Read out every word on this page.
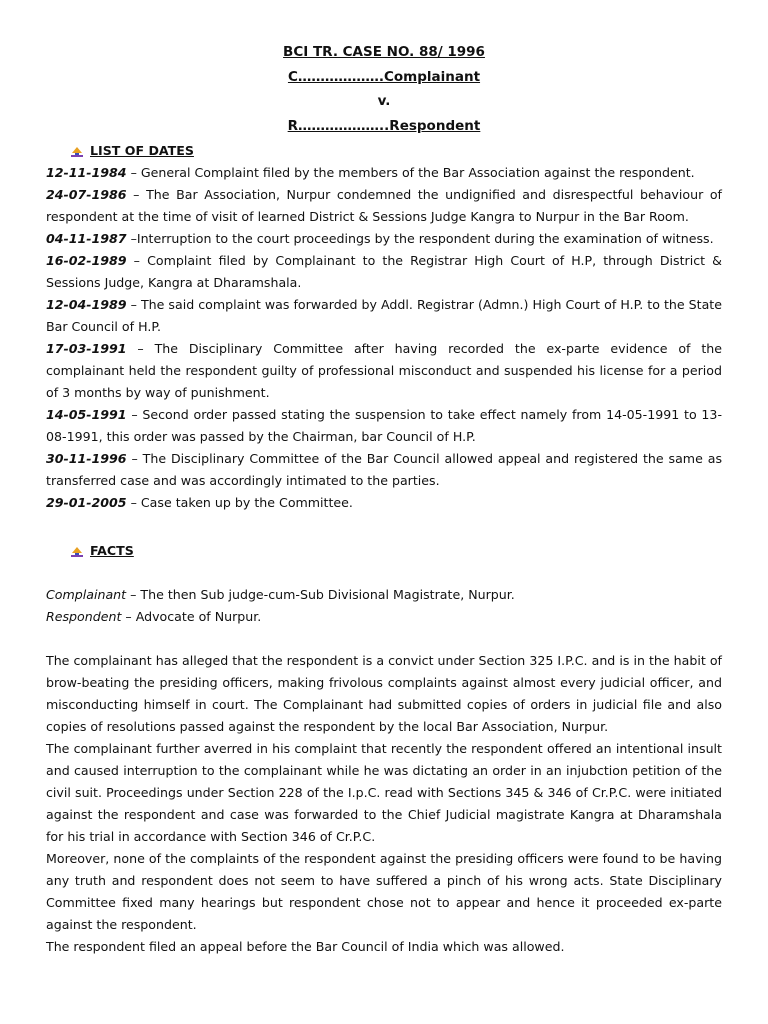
BCI TR. CASE NO. 88/ 1996
C……………….Complainant
v.
R………………..Respondent
LIST OF DATES
12-11-1984 – General Complaint filed by the members of the Bar Association against the respondent.
24-07-1986 – The Bar Association, Nurpur condemned the undignified and disrespectful behaviour of respondent at the time of visit of learned District & Sessions Judge Kangra to Nurpur in the Bar Room.
04-11-1987 –Interruption to the court proceedings by the respondent during the examination of witness.
16-02-1989 – Complaint filed by Complainant to the Registrar High Court of H.P, through District & Sessions Judge, Kangra at Dharamshala.
12-04-1989 – The said complaint was forwarded by Addl. Registrar (Admn.) High Court of H.P. to the State Bar Council of H.P.
17-03-1991 – The Disciplinary Committee after having recorded the ex-parte evidence of the complainant held the respondent guilty of professional misconduct and suspended his license for a period of 3 months by way of punishment.
14-05-1991 – Second order passed stating the suspension to take effect namely from 14-05-1991 to 13-08-1991, this order was passed by the Chairman, bar Council of H.P.
30-11-1996 – The Disciplinary Committee of the Bar Council allowed appeal and registered the same as transferred case and was accordingly intimated to the parties.
29-01-2005 – Case taken up by the Committee.
FACTS
Complainant – The then Sub judge-cum-Sub Divisional Magistrate, Nurpur.
Respondent – Advocate of Nurpur.
The complainant has alleged that the respondent is a convict under Section 325 I.P.C. and is in the habit of brow-beating the presiding officers, making frivolous complaints against almost every judicial officer, and misconducting himself in court. The Complainant had submitted copies of orders in judicial file and also copies of resolutions passed against the respondent by the local Bar Association, Nurpur.
The complainant further averred in his complaint that recently the respondent offered an intentional insult and caused interruption to the complainant while he was dictating an order in an injubction petition of the civil suit. Proceedings under Section 228 of the I.p.C. read with Sections 345 & 346 of Cr.P.C. were initiated against the respondent and case was forwarded to the Chief Judicial magistrate Kangra at Dharamshala for his trial in accordance with Section 346 of Cr.P.C.
Moreover, none of the complaints of the respondent against the presiding officers were found to be having any truth and respondent does not seem to have suffered a pinch of his wrong acts. State Disciplinary Committee fixed many hearings but respondent chose not to appear and hence it proceeded ex-parte against the respondent.
The respondent filed an appeal before the Bar Council of India which was allowed.
